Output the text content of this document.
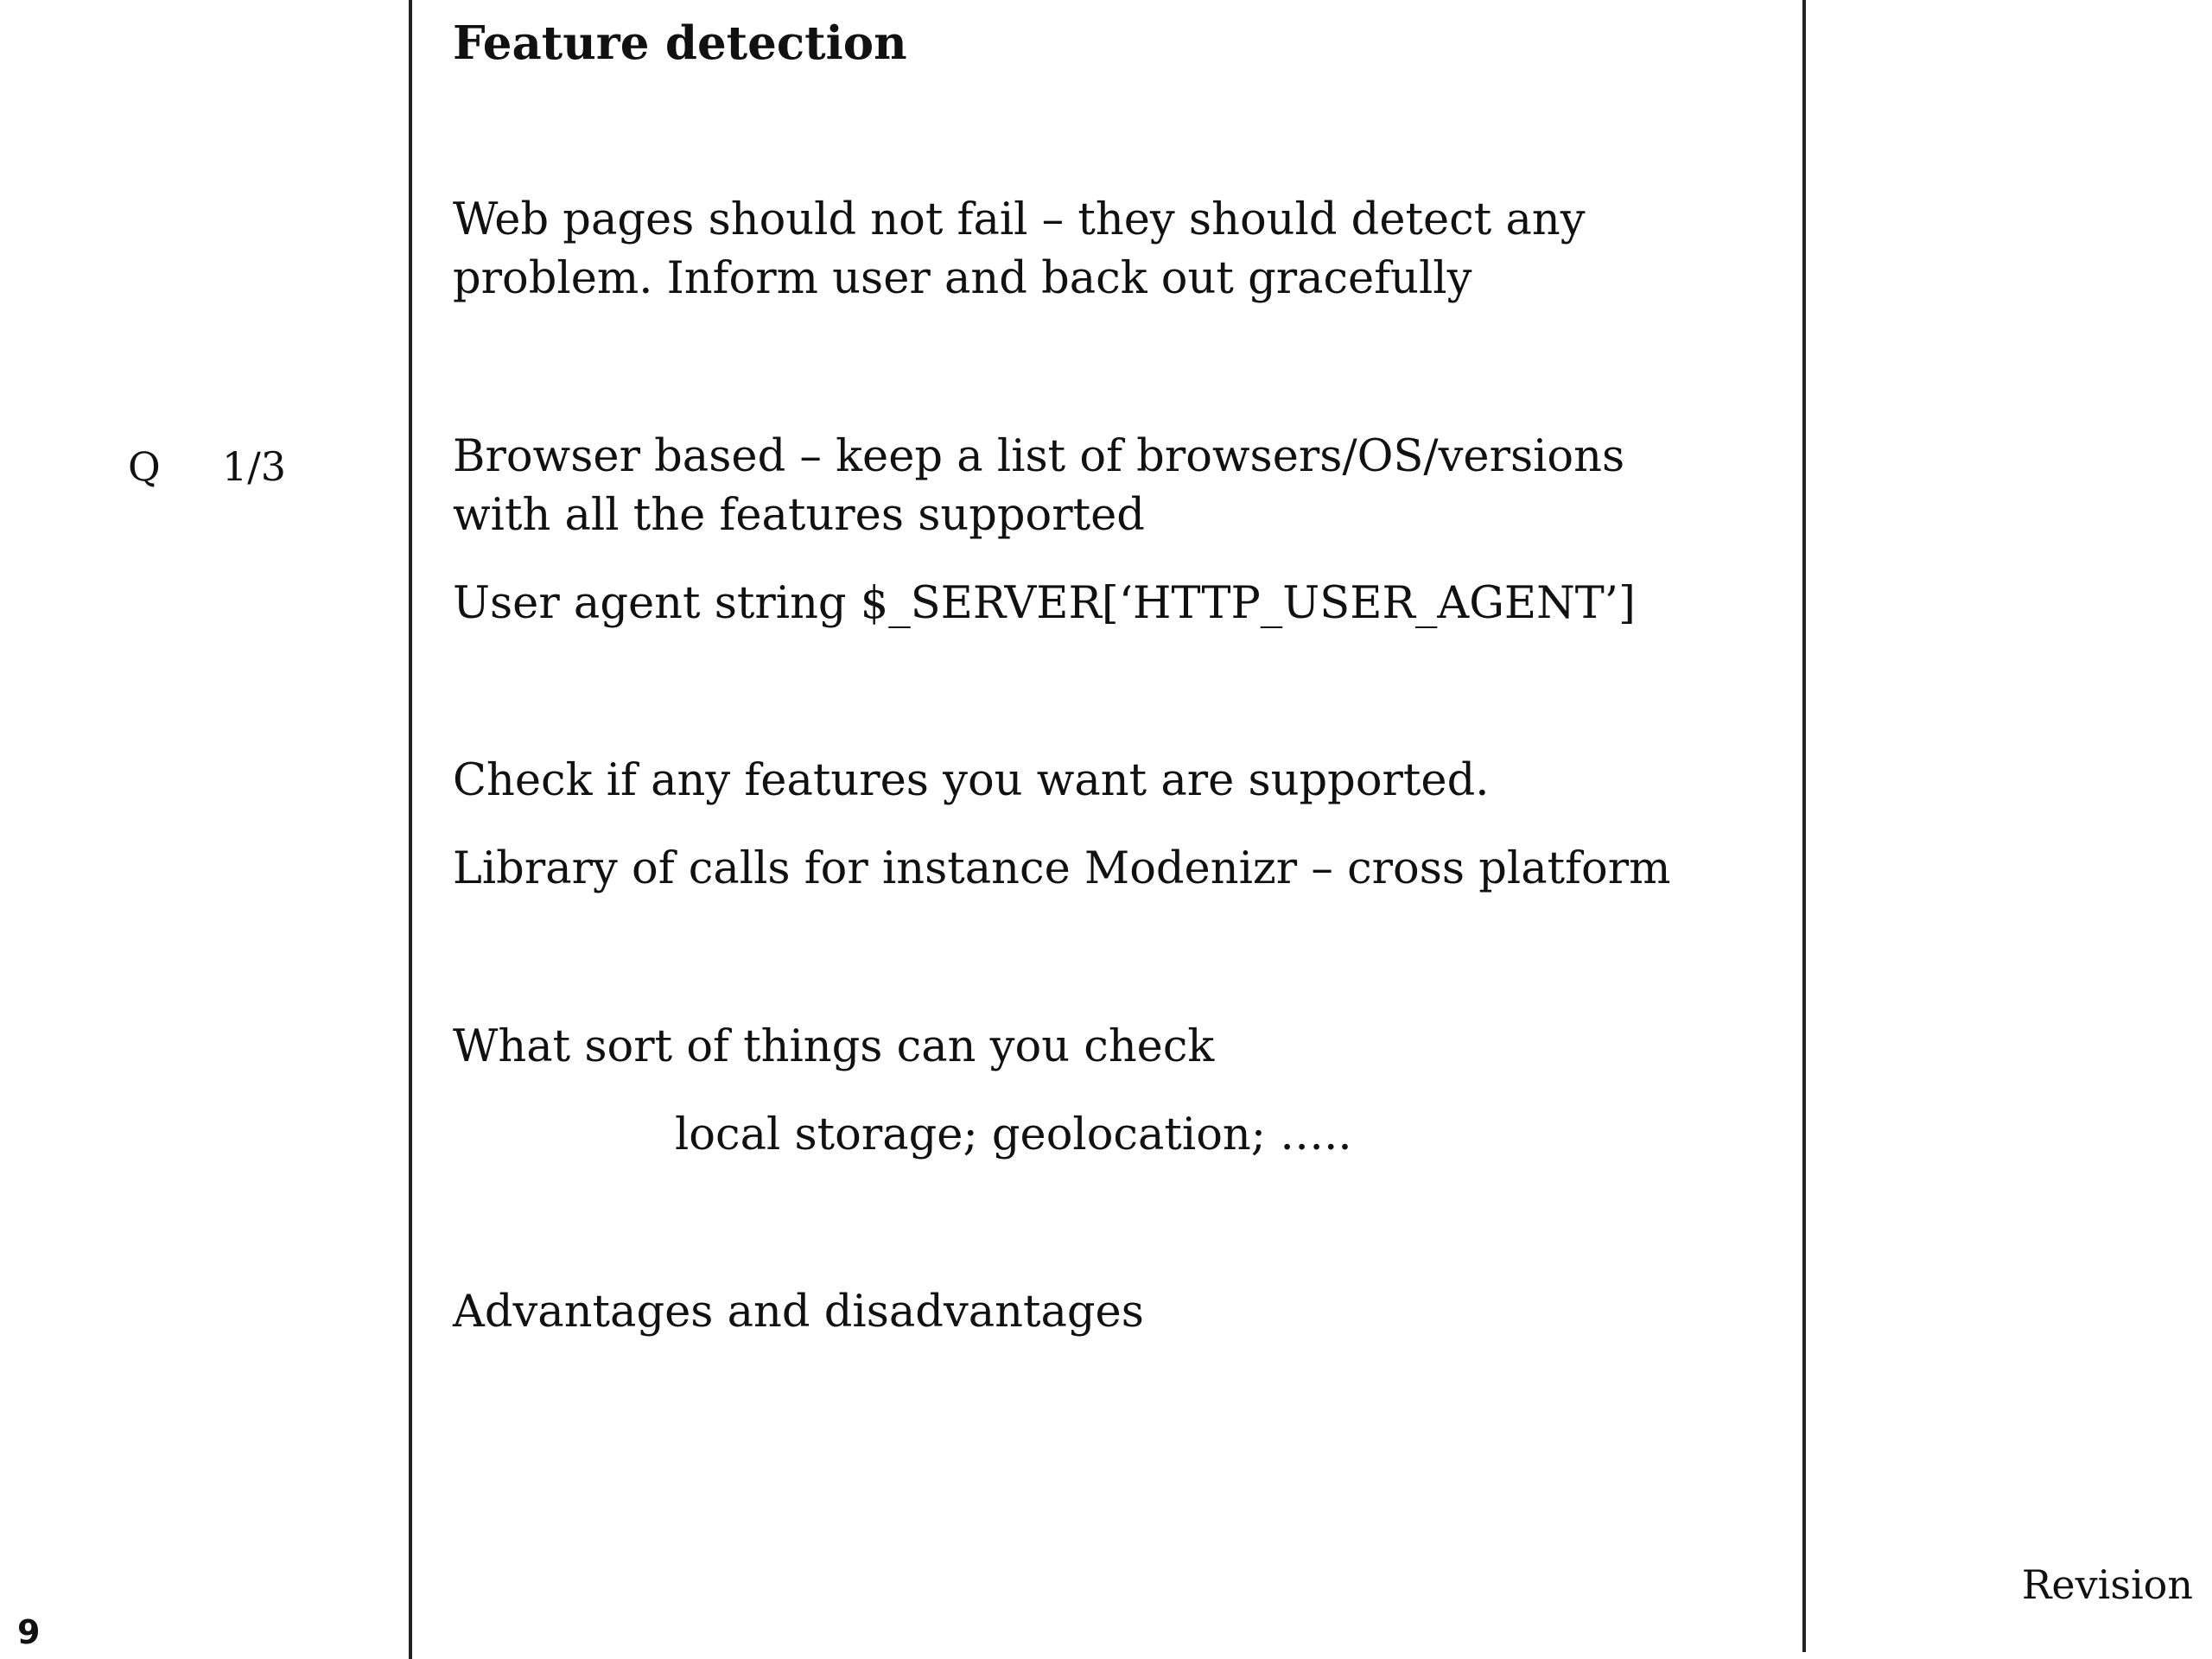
Feature detection
Web pages should not fail – they should detect any
problem. Inform user and back out gracefully
Browser based – keep a list of browsers/OS/versions
with all the features supported
User agent string $_SERVER[‘HTTP_USER_AGENT’]
Check if any features you want are supported.
Library of calls for instance Modenizr – cross platform
What sort of things can you check
local storage; geolocation; …..
Advantages and disadvantages
Q 1/3
9
Revision
